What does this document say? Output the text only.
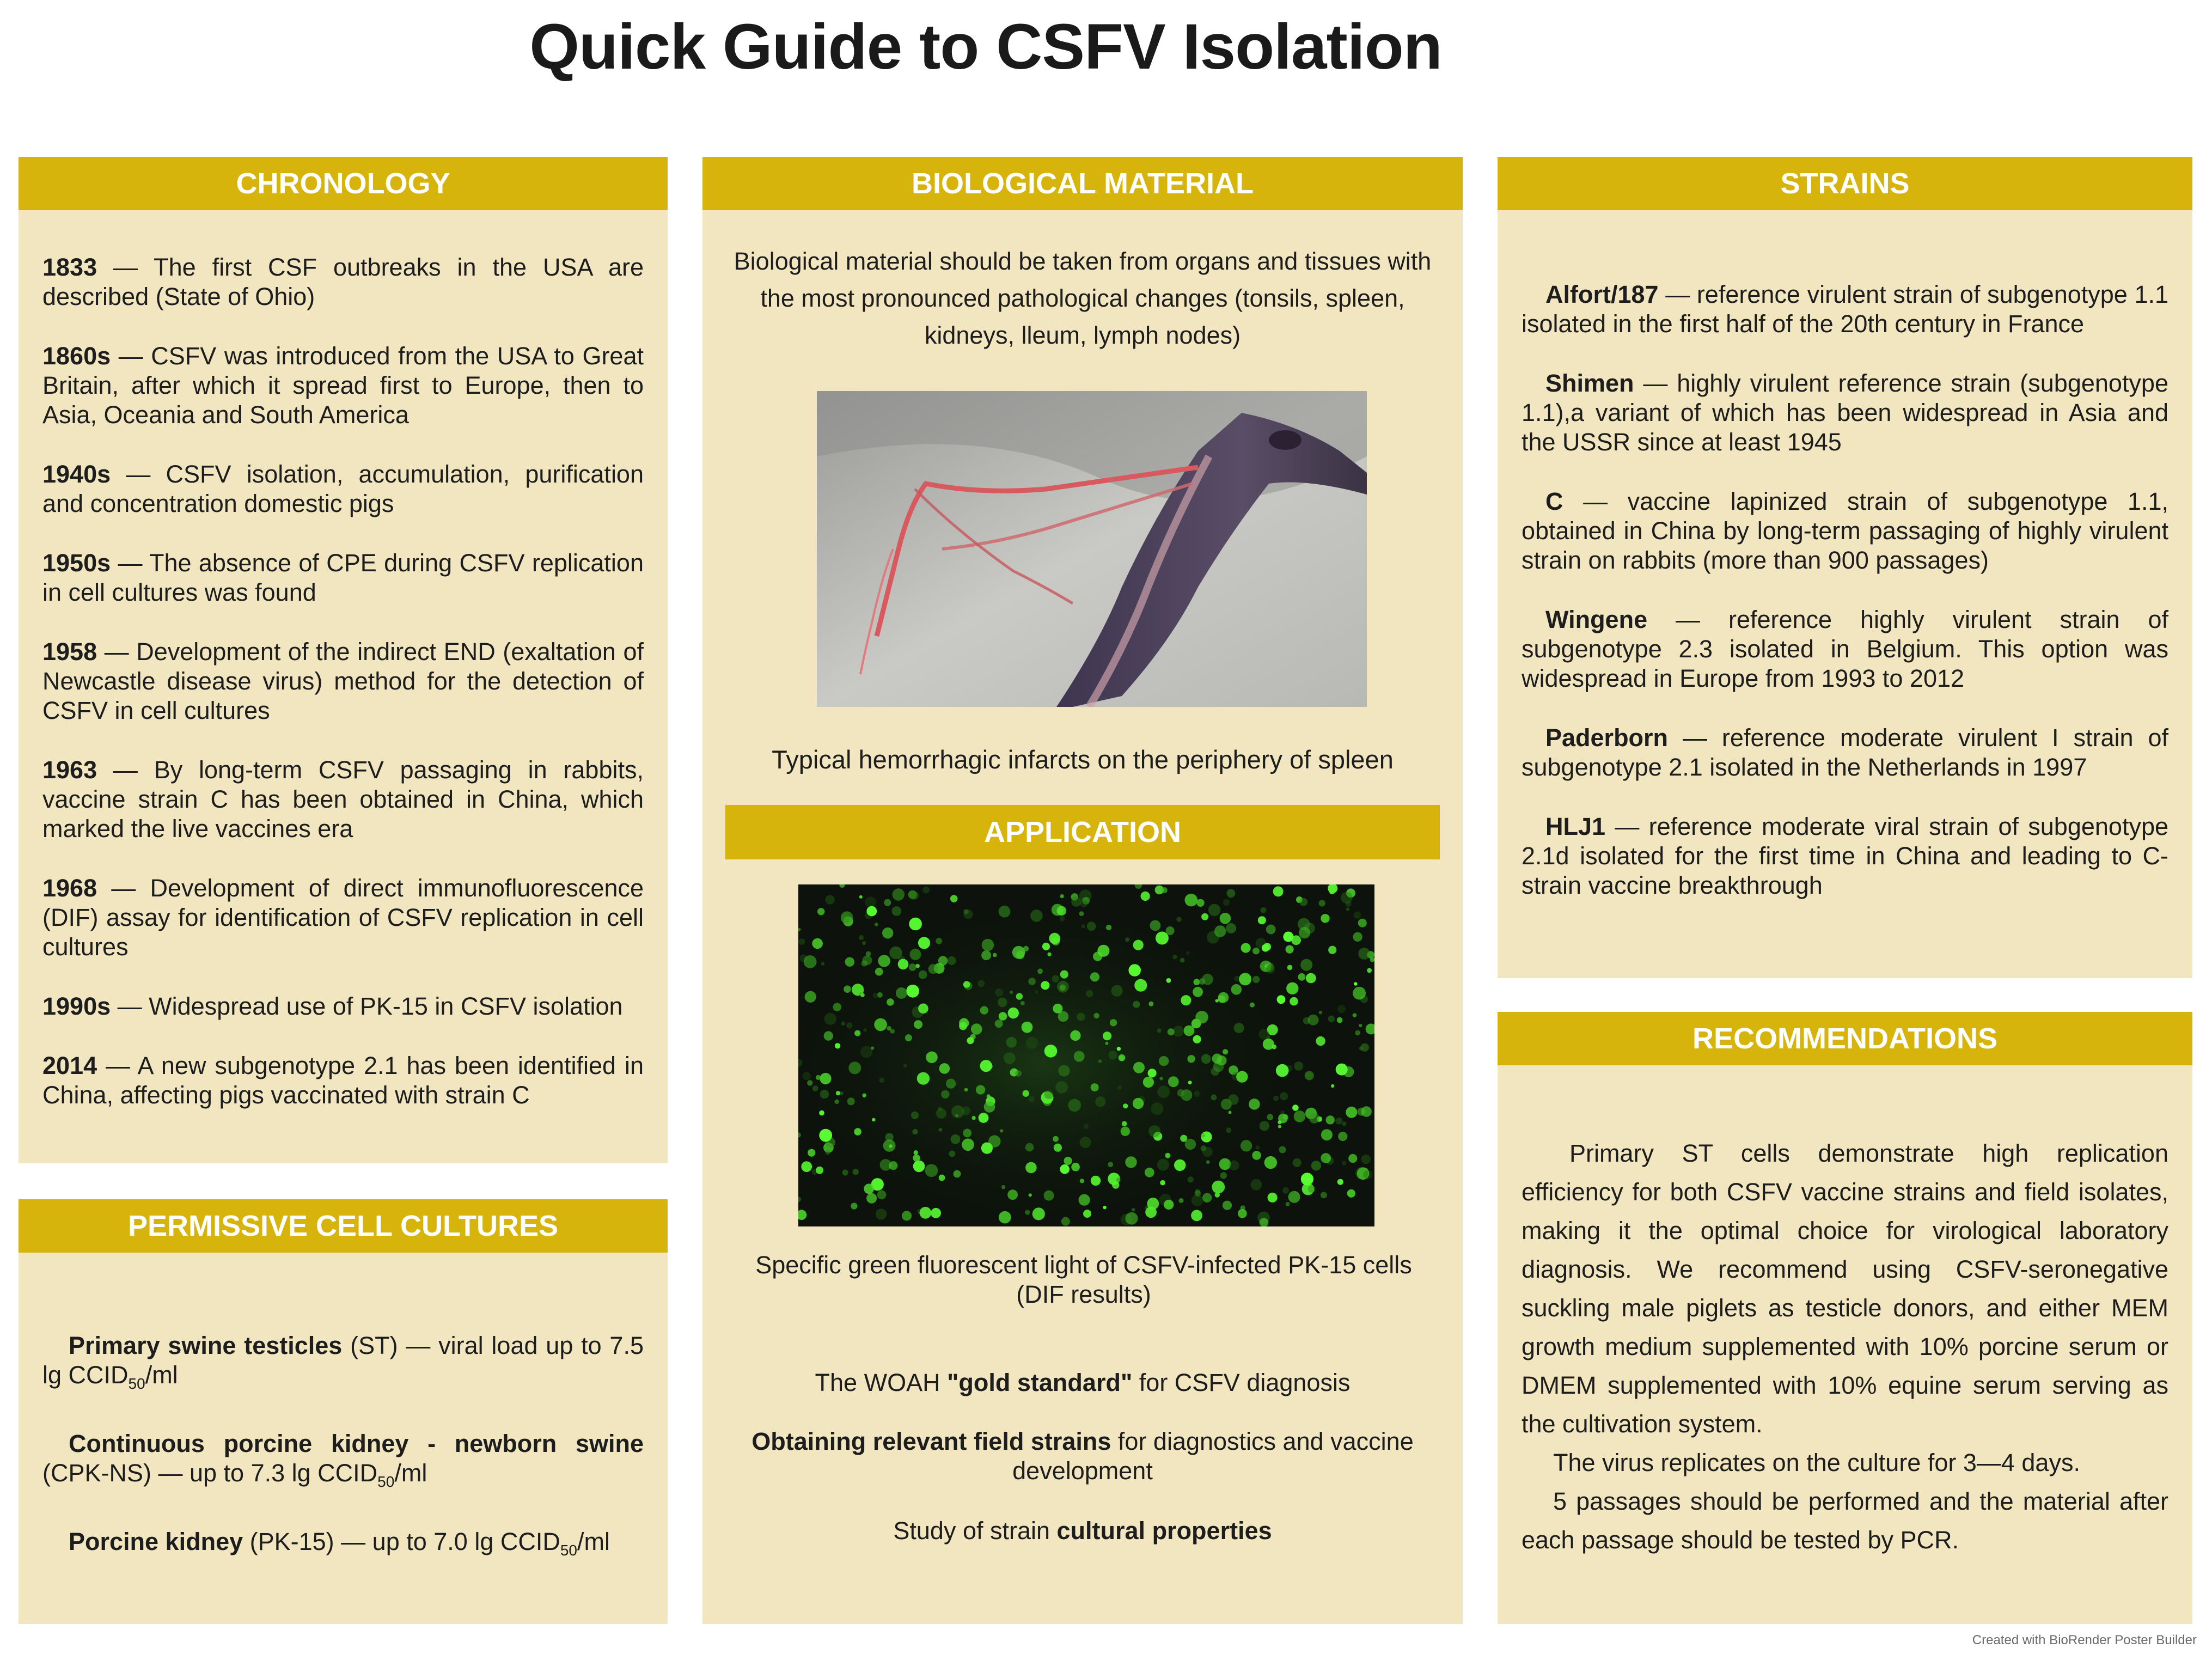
Quick Guide to CSFV Isolation
CHRONOLOGY

1833 — The first CSF outbreaks in the USA are described (State of Ohio)

1860s — CSFV was introduced from the USA to Great Britain, after which it spread first to Europe, then to Asia, Oceania and South America

1940s — CSFV isolation, accumulation, purification and concentration domestic pigs

1950s — The absence of CPE during CSFV replication in cell cultures was found

1958 — Development of the indirect END (exaltation of Newcastle disease virus) method for the detection of CSFV in cell cultures

1963 — By long-term CSFV passaging in rabbits, vaccine strain C has been obtained in China, which marked the live vaccines era

1968 — Development of direct immunofluorescence (DIF) assay for identification of CSFV replication in cell cultures

1990s — Widespread use of PK-15 in CSFV isolation

2014 — A new subgenotype 2.1 has been identified in China, affecting pigs vaccinated with strain C

PERMISSIVE CELL CULTURES

Primary swine testicles (ST) — viral load up to 7.5 $\lg CCID_{50}/ml$

Continuous porcine kidney - newborn swine (CPK-NS) — up to 7.3 $\lg CCID_{50}/ml$

Porcine kidney (PK-15) — up to 7.0 $\lg CCID_{50}/ml$

BIOLOGICAL MATERIAL
Biological material should be taken from organs and tissues with the most pronounced pathological changes (tonsils, spleen, kidneys, lleum, lymph nodes)
Typical hemorrhagic infarcts on the periphery of spleen
APPLICATION
Specific green fluorescent light of CSFV-infected PK-15 cells (DIF results)
The WOAH "gold standard" for CSFV diagnosis
Obtaining relevant field strains for diagnostics and vaccine development
Study of strain cultural properties
STRAINS

Alfort/187 — reference virulent strain of subgenotype 1.1 isolated in the first half of the 20th century in France

Shimen — highly virulent reference strain (subgenotype 1.1),a variant of which has been widespread in Asia and the USSR since at least 1945

C — vaccine lapinized strain of subgenotype 1.1, obtained in China by long-term passaging of highly virulent strain on rabbits (more than 900 passages)

Wingene — reference highly virulent strain of subgenotype 2.3 isolated in Belgium. This option was widespread in Europe from 1993 to 2012

Paderborn — reference moderate virulent I strain of subgenotype 2.1 isolated in the Netherlands in 1997

HLJ1 — reference moderate viral strain of subgenotype 2.1d isolated for the first time in China and leading to C-strain vaccine breakthrough

RECOMMENDATIONS

Primary ST cells demonstrate high replication efficiency for both CSFV vaccine strains and field isolates, making it the optimal choice for virological laboratory diagnosis. We recommend using CSFV-seronegative suckling male piglets as testicle donors, and either MEM growth medium supplemented with 10% porcine serum or DMEM supplemented with 10% equine serum serving as the cultivation system.

The virus replicates on the culture for 3—4 days.

5 passages should be performed and the material after each passage should be tested by PCR.

Created with BioRender Poster Builder
